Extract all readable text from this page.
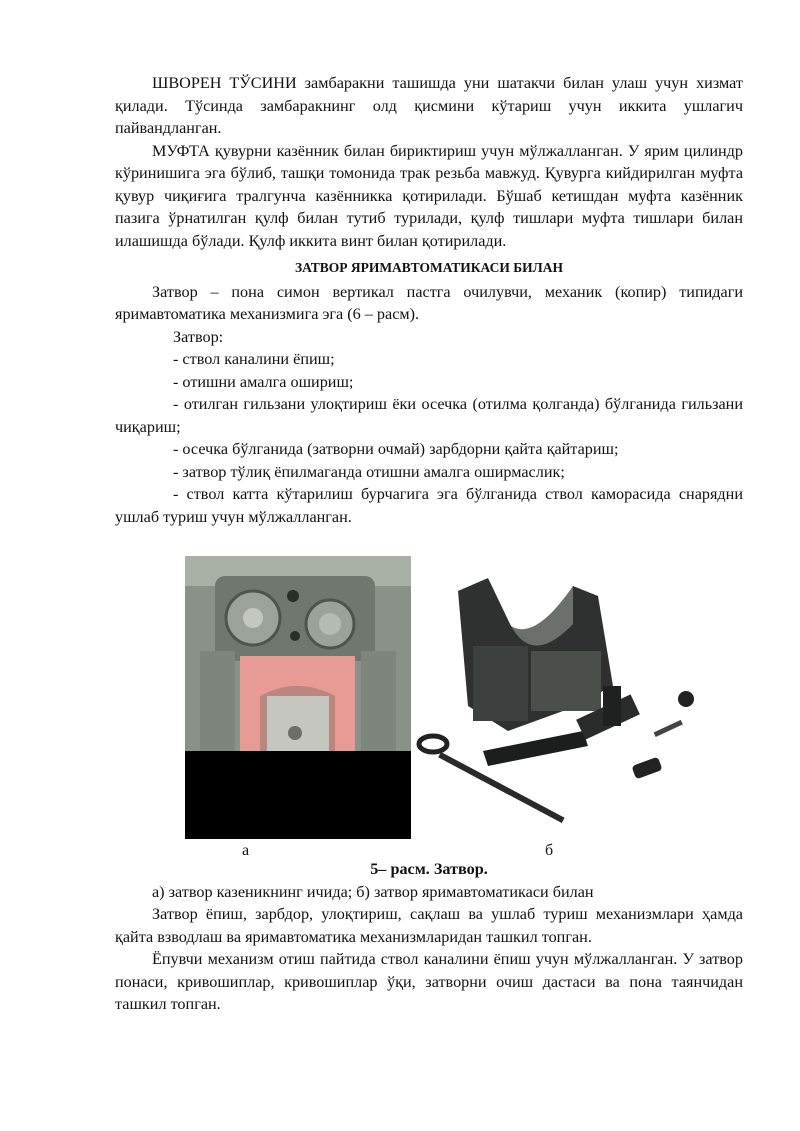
ШВОРЕН ТЎСИНИ замбаракни ташишда уни шатакчи билан улаш учун хизмат қилади. Тўсинда замбаракнинг олд қисмини кўтариш учун иккита ушлагич пайвандланган.

МУФТА қувурни казённик билан бириктириш учун мўлжалланган. У ярим цилиндр кўринишига эга бўлиб, ташқи томонида трак резьба мавжуд. Қувурга кийдирилган муфта қувур чиқиғига тралгунча казённикка қотирилади. Бўшаб кетишдан муфта казённик пазига ўрнатилган қулф билан тутиб турилади, қулф тишлари муфта тишлари билан илашишда бўлади. Қулф иккита винт билан қотирилади.

ЗАТВОР ЯРИМАВТОМАТИКАСИ БИЛАН

Затвор – пона симон вертикал пастга очилувчи, механик (копир) типидаги яримавтоматика механизмига эга (6 – расм).

Затвор:

- ствол каналини ёпиш;

- отишни амалга ошириш;

- отилган гильзани улоқтириш ёки осечка (отилма қолганда) бўлганида гильзани чиқариш;

- осечка бўлганида (затворни очмай) зарбдорни қайта қайтариш;

- затвор тўлиқ ёпилмаганда отишни амалга оширмаслик;

- ствол катта кўтарилиш бурчагига эга бўлганида ствол каморасида снарядни ушлаб туриш учун мўлжалланган.

а	б

5– расм. Затвор.

а) затвор казеникнинг ичида; б) затвор яримавтоматикаси билан

Затвор ёпиш, зарбдор, улоқтириш, сақлаш ва ушлаб туриш механизмлари ҳамда қайта взводлаш ва яримавтоматика механизмларидан ташкил топган.

Ёпувчи механизм отиш пайтида ствол каналини ёпиш учун мўлжалланган. У затвор понаси, кривошиплар, кривошиплар ўқи, затворни очиш дастаси ва пона таянчидан ташкил топган.
